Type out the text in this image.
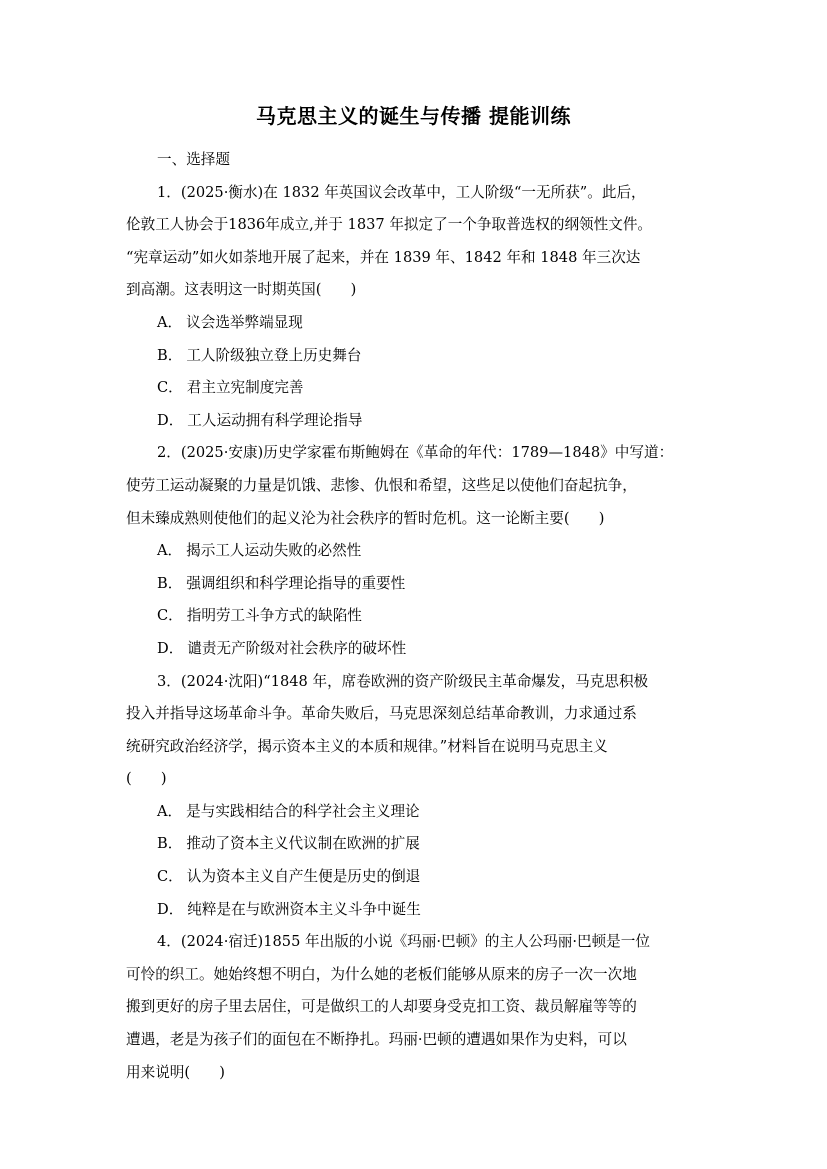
马克思主义的诞生与传播 提能训练
一、选择题
1．(2025·衡水)在 1832 年英国议会改革中，工人阶级“一无所获”。此后，
伦敦工人协会于1836年成立,并于 1837 年拟定了一个争取普选权的纲领性文件。
“宪章运动”如火如荼地开展了起来，并在 1839 年、1842 年和 1848 年三次达
到高潮。这表明这一时期英国(　　)
A． 议会选举弊端显现
B． 工人阶级独立登上历史舞台
C． 君主立宪制度完善
D． 工人运动拥有科学理论指导
2．(2025·安康)历史学家霍布斯鲍姆在《革命的年代：1789—1848》中写道：
使劳工运动凝聚的力量是饥饿、悲惨、仇恨和希望，这些足以使他们奋起抗争，
但未臻成熟则使他们的起义沦为社会秩序的暂时危机。这一论断主要(　　)
A． 揭示工人运动失败的必然性
B． 强调组织和科学理论指导的重要性
C． 指明劳工斗争方式的缺陷性
D． 谴责无产阶级对社会秩序的破坏性
3．(2024·沈阳)“1848 年，席卷欧洲的资产阶级民主革命爆发，马克思积极
投入并指导这场革命斗争。革命失败后，马克思深刻总结革命教训，力求通过系
统研究政治经济学，揭示资本主义的本质和规律。”材料旨在说明马克思主义
(　　)
A． 是与实践相结合的科学社会主义理论
B． 推动了资本主义代议制在欧洲的扩展
C． 认为资本主义自产生便是历史的倒退
D． 纯粹是在与欧洲资本主义斗争中诞生
4．(2024·宿迁)1855 年出版的小说《玛丽·巴顿》的主人公玛丽·巴顿是一位
可怜的织工。她始终想不明白，为什么她的老板们能够从原来的房子一次一次地
搬到更好的房子里去居住，可是做织工的人却要身受克扣工资、裁员解雇等等的
遭遇，老是为孩子们的面包在不断挣扎。玛丽·巴顿的遭遇如果作为史料，可以
用来说明(　　)
